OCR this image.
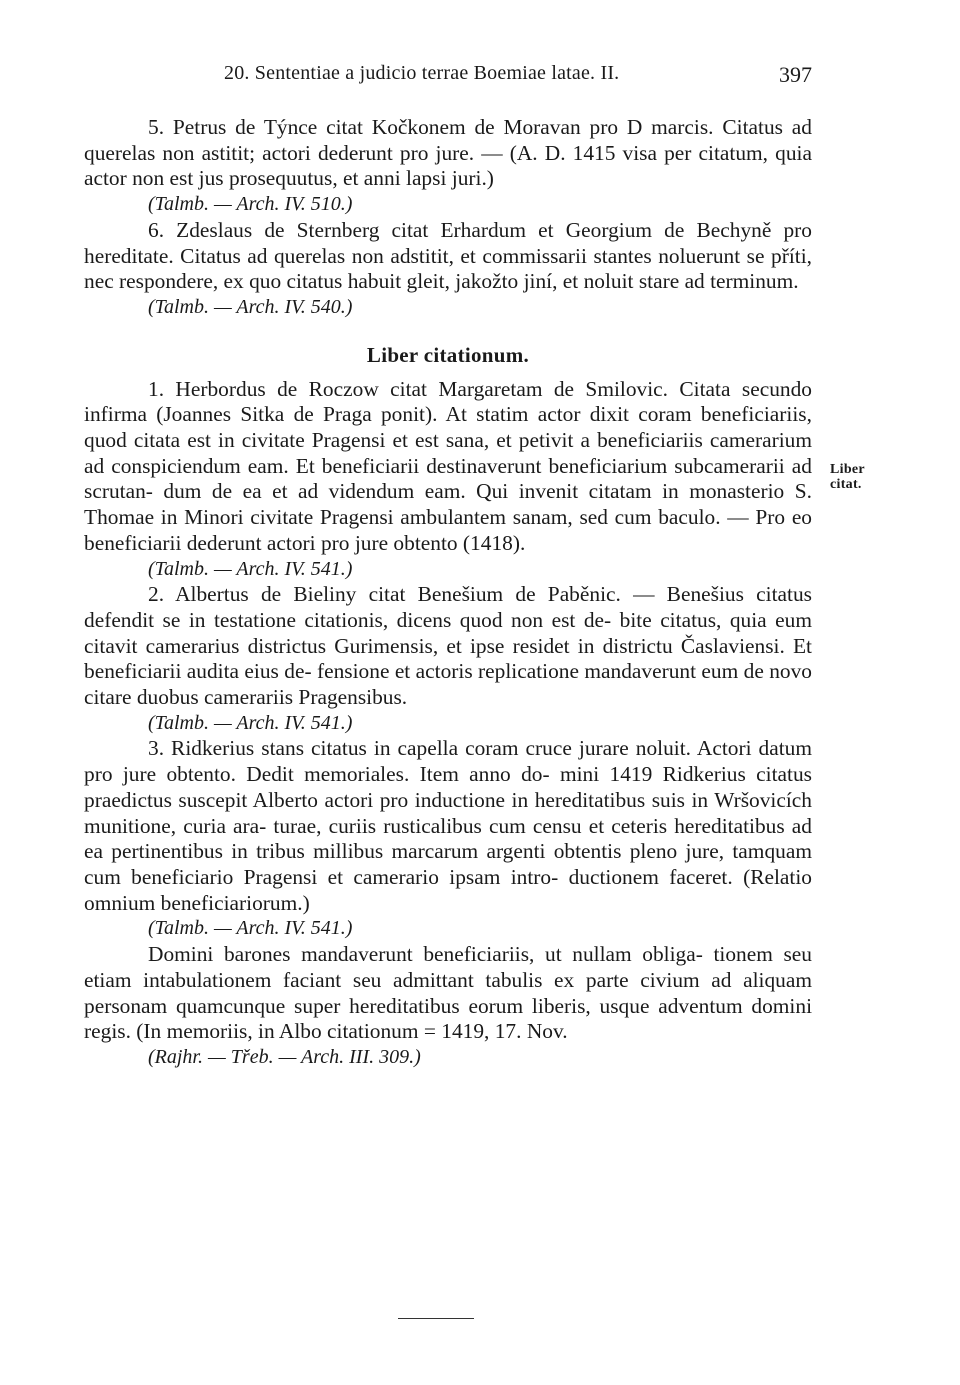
20. Sententiae a judicio terrae Boemiae latae. II.	397
Liber
citat.

5. Petrus de Týnce citat Kočkonem de Moravan pro D marcis. Citatus ad querelas non astitit; actori dederunt pro jure. — (A. D. 1415 visa per citatum, quia actor non est jus prosequutus, et anni lapsi juri.)

(Talmb. — Arch. IV. 510.)

6. Zdeslaus de Sternberg citat Erhardum et Georgium de Bechyně pro hereditate. Citatus ad querelas non adstitit, et commissarii stantes noluerunt se příti, nec respondere, ex quo citatus habuit gleit, jakožto jiní, et noluit stare ad terminum.

(Talmb. — Arch. IV. 540.)

Liber citationum.

1. Herbordus de Roczow citat Margaretam de Smilovic. Citata secundo infirma (Joannes Sitka de Praga ponit). At statim actor dixit coram beneficiariis, quod citata est in civitate Pragensi et est sana, et petivit a beneficiariis camerarium ad conspiciendum eam. Et beneficiarii destinaverunt beneficiarium subcamerarii ad scrutan- dum de ea et ad videndum eam. Qui invenit citatam in monasterio S. Thomae in Minori civitate Pragensi ambulantem sanam, sed cum baculo. — Pro eo beneficiarii dederunt actori pro jure obtento (1418).

(Talmb. — Arch. IV. 541.)

2. Albertus de Bieliny citat Benešium de Paběnic. — Benešius citatus defendit se in testatione citationis, dicens quod non est de- bite citatus, quia eum citavit camerarius districtus Gurimensis, et ipse residet in districtu Časlaviensi. Et beneficiarii audita eius de- fensione et actoris replicatione mandaverunt eum de novo citare duobus camerariis Pragensibus.

(Talmb. — Arch. IV. 541.)

3. Ridkerius stans citatus in capella coram cruce jurare noluit. Actori datum pro jure obtento. Dedit memoriales. Item anno do- mini 1419 Ridkerius citatus praedictus suscepit Alberto actori pro inductione in hereditatibus suis in Wršovicích munitione, curia ara- turae, curiis rusticalibus cum censu et ceteris hereditatibus ad ea pertinentibus in tribus millibus marcarum argenti obtentis pleno jure, tamquam cum beneficiario Pragensi et camerario ipsam intro- ductionem faceret. (Relatio omnium beneficiariorum.)

(Talmb. — Arch. IV. 541.)

Domini barones mandaverunt beneficiariis, ut nullam obliga- tionem seu etiam intabulationem faciant seu admittant tabulis ex parte civium ad aliquam personam quamcunque super hereditatibus eorum liberis, usque adventum domini regis. (In memoriis, in Albo citationum = 1419, 17. Nov.

(Rajhr. — Třeb. — Arch. III. 309.)
